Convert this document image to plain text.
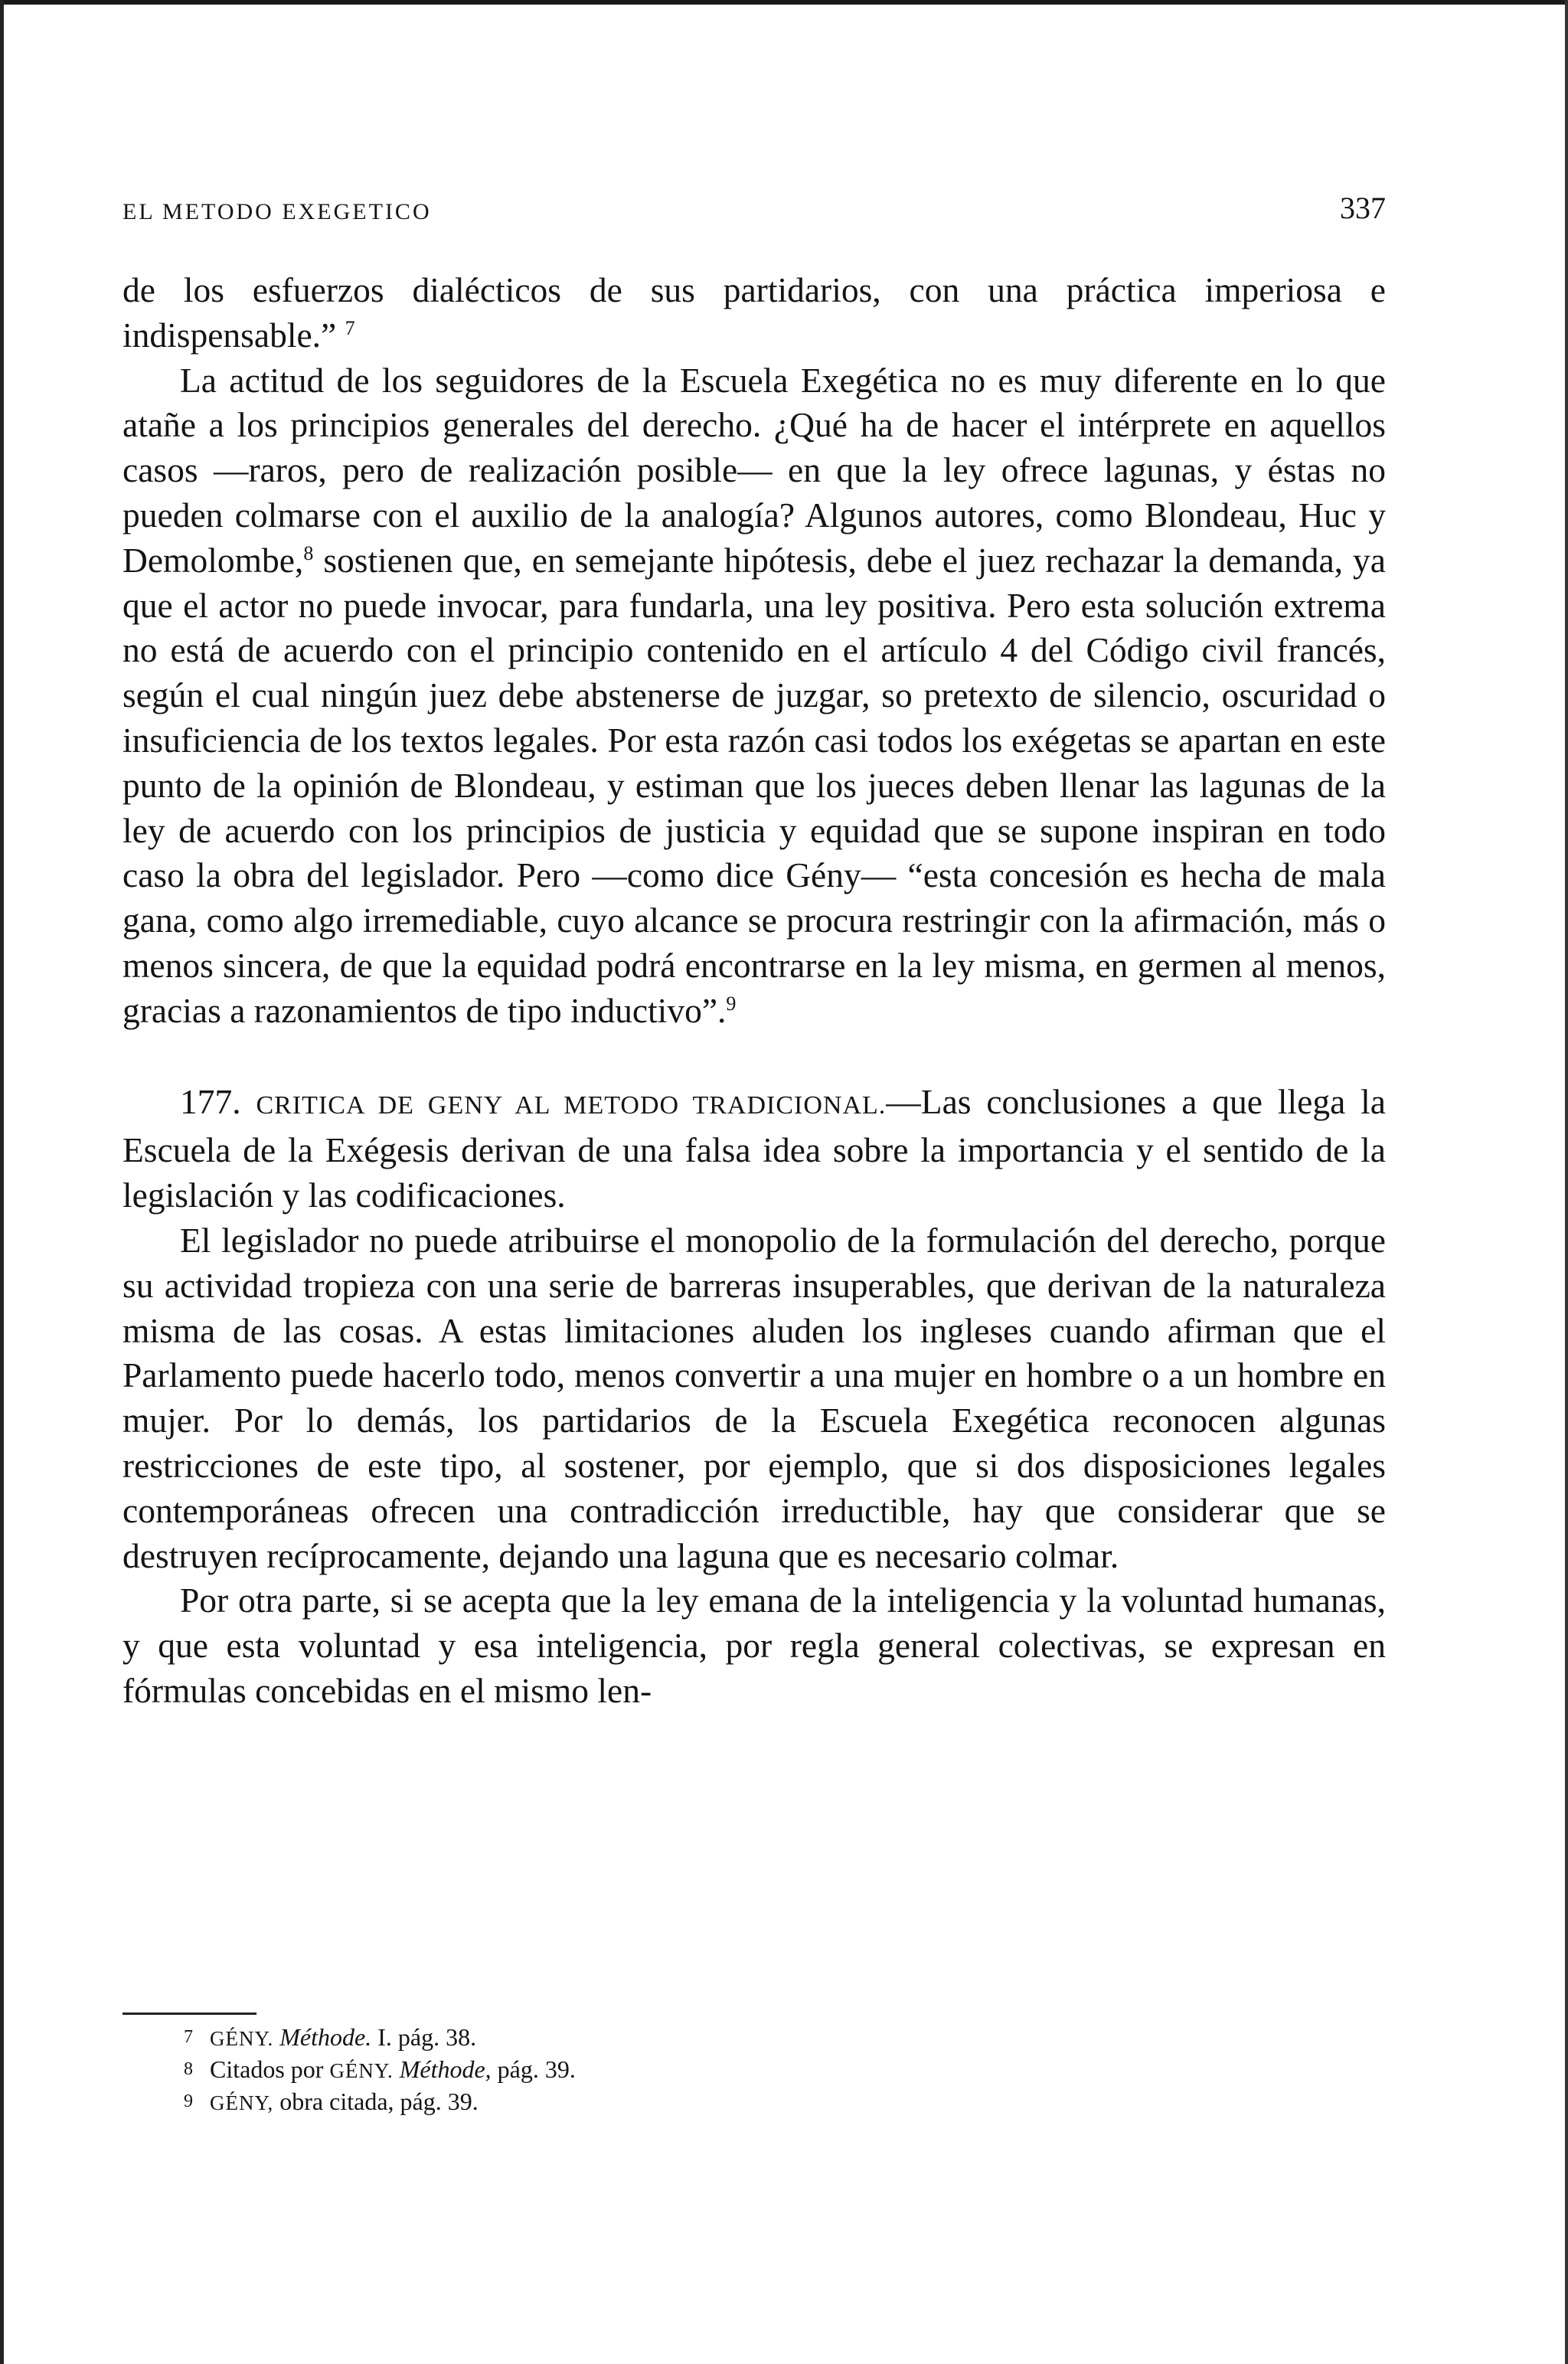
EL METODO EXEGETICO	337

de los esfuerzos dialécticos de sus partidarios, con una práctica imperiosa e indispensable.” $^7$

La actitud de los seguidores de la Escuela Exegética no es muy diferente en lo que atañe a los principios generales del derecho. ¿Qué ha de hacer el intérprete en aquellos casos —raros, pero de realización posible— en que la ley ofrece lagunas, y éstas no pueden colmarse con el auxilio de la analogía? Algunos autores, como Blondeau, Huc y Demolombe,$^8$ sostienen que, en semejante hipótesis, debe el juez rechazar la demanda, ya que el actor no puede invocar, para fundarla, una ley positiva. Pero esta solución extrema no está de acuerdo con el principio contenido en el artículo 4 del Código civil francés, según el cual ningún juez debe abstenerse de juzgar, so pretexto de silencio, oscuridad o insuficiencia de los textos legales. Por esta razón casi todos los exégetas se apartan en este punto de la opinión de Blondeau, y estiman que los jueces deben llenar las lagunas de la ley de acuerdo con los principios de justicia y equidad que se supone inspiran en todo caso la obra del legislador. Pero —como dice Gény— “esta concesión es hecha de mala gana, como algo irremediable, cuyo alcance se procura restringir con la afirmación, más o menos sincera, de que la equidad podrá encontrarse en la ley misma, en germen al menos, gracias a razonamientos de tipo inductivo”.$^9$

177. CRITICA DE GENY AL METODO TRADICIONAL.—Las conclusiones a que llega la Escuela de la Exégesis derivan de una falsa idea sobre la importancia y el sentido de la legislación y las codificaciones.

El legislador no puede atribuirse el monopolio de la formulación del derecho, porque su actividad tropieza con una serie de barreras insuperables, que derivan de la naturaleza misma de las cosas. A estas limitaciones aluden los ingleses cuando afirman que el Parlamento puede hacerlo todo, menos convertir a una mujer en hombre o a un hombre en mujer. Por lo demás, los partidarios de la Escuela Exegética reconocen algunas restricciones de este tipo, al sostener, por ejemplo, que si dos disposiciones legales contemporáneas ofrecen una contradicción irreductible, hay que considerar que se destruyen recíprocamente, dejando una laguna que es necesario colmar.

Por otra parte, si se acepta que la ley emana de la inteligencia y la voluntad humanas, y que esta voluntad y esa inteligencia, por regla general colectivas, se expresan en fórmulas concebidas en el mismo len-

7 GÉNY. Méthode. I. pág. 38.
8 Citados por GÉNY. Méthode, pág. 39.
9 GÉNY, obra citada, pág. 39.
